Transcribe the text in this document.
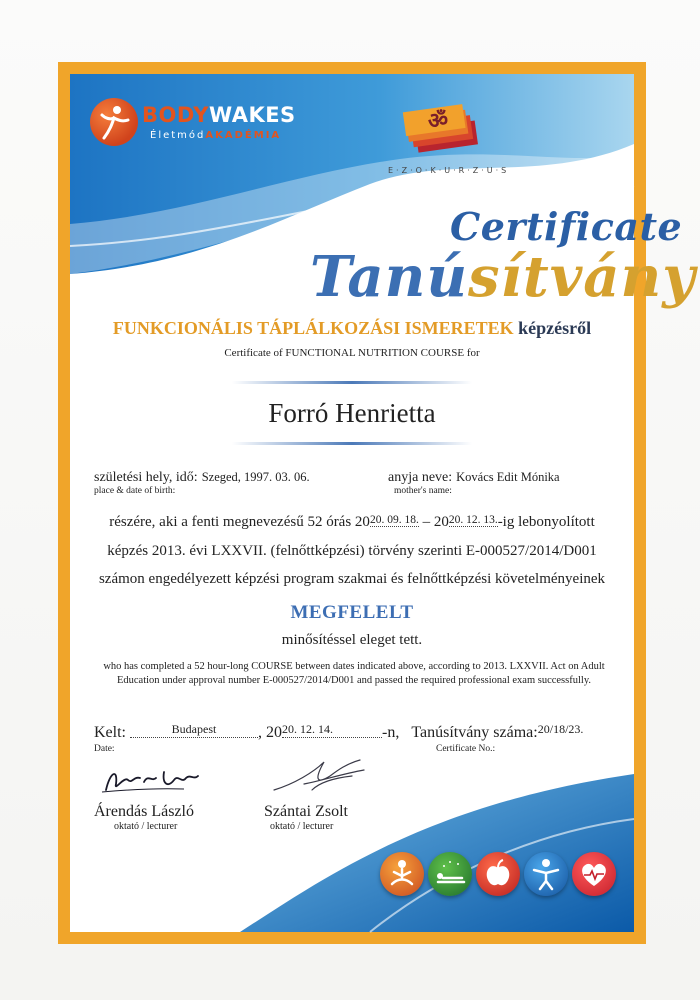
BODYWAKES
ÉletmódAKADÉMIA
ॐ
E·Z·O·K·U·R·Z·U·S
Certificate
Tanúsítvány
FUNKCIONÁLIS TÁPLÁLKOZÁSI ISMERETEK képzésről
Certificate of FUNCTIONAL NUTRITION COURSE for
Forró Henrietta
születési hely, idő: Szeged, 1997. 03. 06.
place & date of birth:
anyja neve: Kovács Edit Mónika
mother's name:
részére, aki a fenti megnevezésű 52 órás 2020. 09. 18. – 2020. 12. 13.-ig lebonyolított
képzés 2013. évi LXXVII. (felnőttképzési) törvény szerinti E-000527/2014/D001
számon engedélyezett képzési program szakmai és felnőttképzési követelményeinek
MEGFELELT
minősítéssel eleget tett.
who has completed a 52 hour-long COURSE between dates indicated above, according to 2013. LXXVII. Act on Adult Education under approval number E-000527/2014/D001 and passed the required professional exam successfully.
Kelt:	Budapest	, 2020. 12. 14.	-n, Tanúsítvány száma:$^{20/18/23.}$
Date:	Certificate No.:
Árendás László
oktató / lecturer
Szántai Zsolt
oktató / lecturer
